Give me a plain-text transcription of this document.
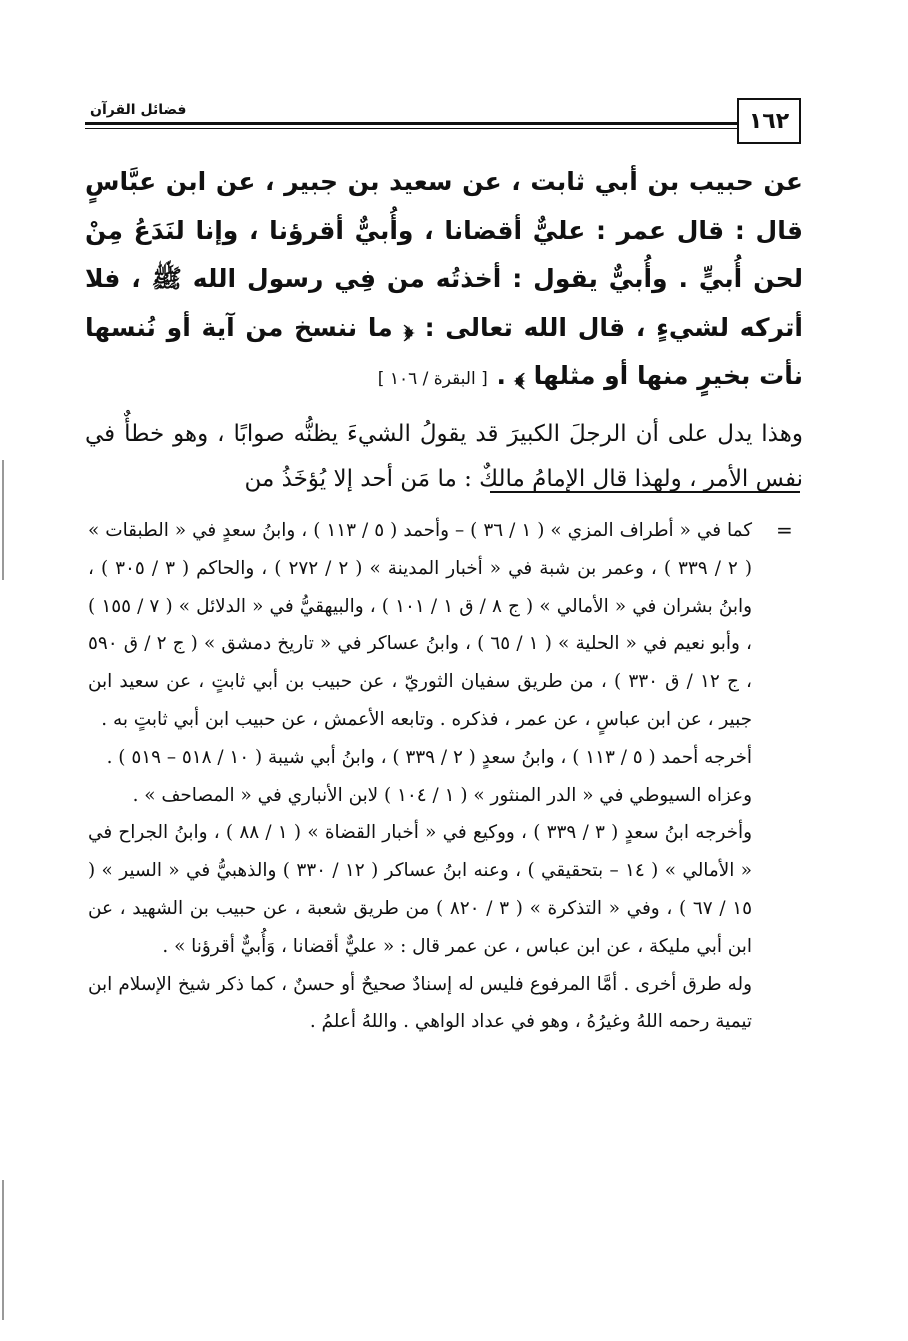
١٦٢
فضائل القرآن

عن حبيب بن أبي ثابت ، عن سعيد بن جبير ، عن ابن عبَّاسٍ قال : قال عمر : عليٌّ أقضانا ، وأُبيٌّ أقرؤنا ، وإنا لنَدَعُ مِنْ لحن أُبيٍّ . وأُبيٌّ يقول : أخذتُه من فِي رسول الله ﷺ ، فلا أتركه لشيءٍ ، قال الله تعالى : ﴿ ما ننسخ من آية أو نُنسها نأت بخيرٍ منها أو مثلها ﴾ . [ البقرة / ١٠٦ ]

وهذا يدل على أن الرجلَ الكبيرَ قد يقولُ الشيءَ يظنُّه صوابًا ، وهو خطأٌ في نفس الأمر ، ولهذا قال الإمامُ مالكٌ : ما مَن أحد إلا يُؤخَذُ من

=

كما في « أطراف المزي » ( ١ / ٣٦ ) – وأحمد ( ٥ / ١١٣ ) ، وابنُ سعدٍ في « الطبقات » ( ٢ / ٣٣٩ ) ، وعمر بن شبة في « أخبار المدينة » ( ٢ / ٢٧٢ ) ، والحاكم ( ٣ / ٣٠٥ ) ، وابنُ بشران في « الأمالي » ( ج ٨ / ق ١ / ١٠١ ) ، والبيهقيُّ في « الدلائل » ( ٧ / ١٥٥ ) ، وأبو نعيم في « الحلية » ( ١ / ٦٥ ) ، وابنُ عساكر في « تاريخ دمشق » ( ج ٢ / ق ٥٩٠ ، ج ١٢ / ق ٣٣٠ ) ، من طريق سفيان الثوريّ ، عن حبيب بن أبي ثابتٍ ، عن سعيد ابن جبير ، عن ابن عباسٍ ، عن عمر ، فذكره . وتابعه الأعمش ، عن حبيب ابن أبي ثابتٍ به .

أخرجه أحمد ( ٥ / ١١٣ ) ، وابنُ سعدٍ ( ٢ / ٣٣٩ ) ، وابنُ أبي شيبة ( ١٠ / ٥١٨ – ٥١٩ ) .

وعزاه السيوطي في « الدر المنثور » ( ١ / ١٠٤ ) لابن الأنباري في « المصاحف » .

وأخرجه ابنُ سعدٍ ( ٣ / ٣٣٩ ) ، ووكيع في « أخبار القضاة » ( ١ / ٨٨ ) ، وابنُ الجراح في « الأمالي » ( ١٤ – بتحقيقي ) ، وعنه ابنُ عساكر ( ١٢ / ٣٣٠ ) والذهبيُّ في « السير » ( ١٥ / ٦٧ ) ، وفي « التذكرة » ( ٣ / ٨٢٠ ) من طريق شعبة ، عن حبيب بن الشهيد ، عن ابن أبي مليكة ، عن ابن عباس ، عن عمر قال : « عليٌّ أقضانا ، وَأُبيٌّ أقرؤنا » .

وله طرق أخرى . أمَّا المرفوع فليس له إسنادٌ صحيحٌ أو حسنٌ ، كما ذكر شيخ الإسلام ابن تيمية رحمه اللهُ وغيرُهُ ، وهو في عداد الواهي . واللهُ أعلمُ .
